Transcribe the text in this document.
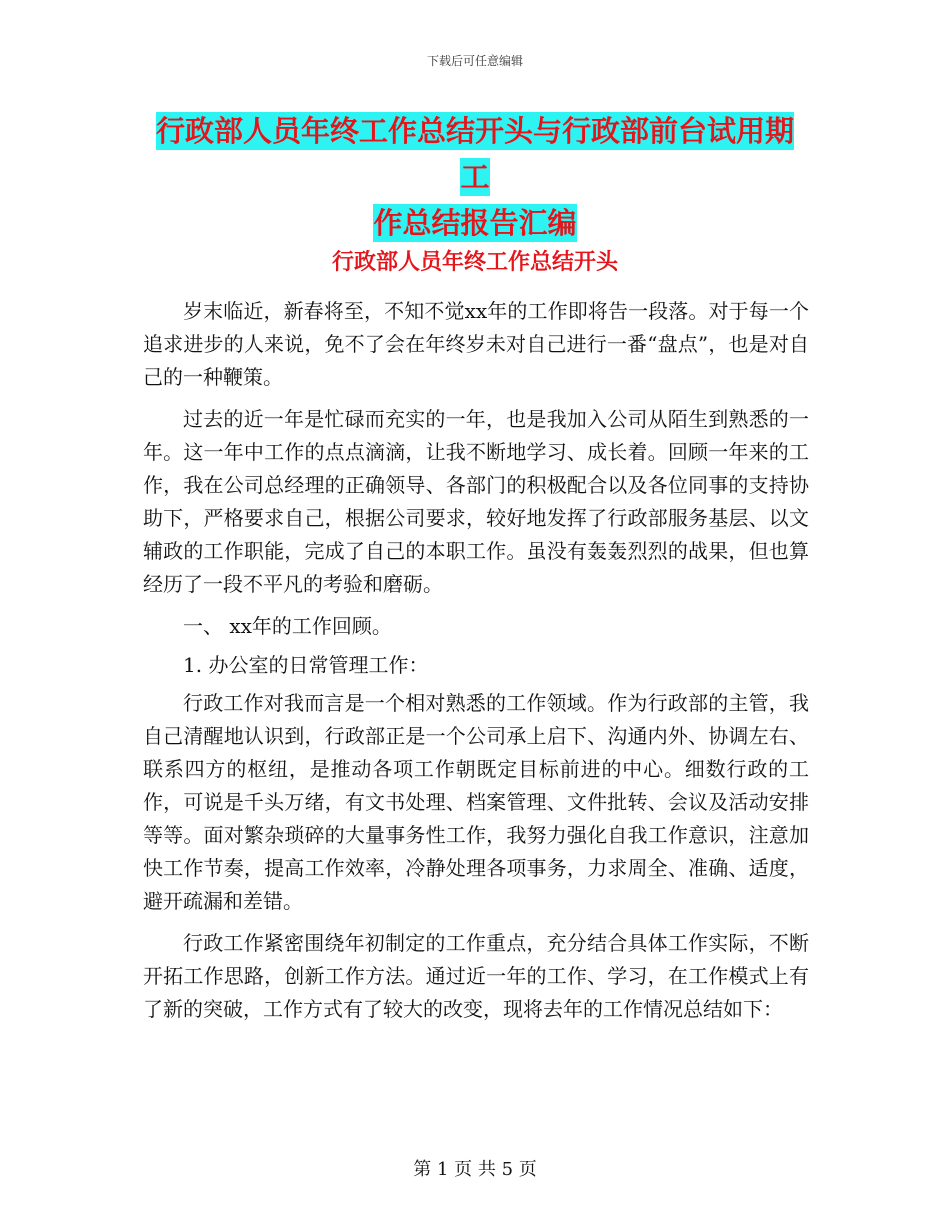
下载后可任意编辑
行政部人员年终工作总结开头与行政部前台试用期工
作总结报告汇编
行政部人员年终工作总结开头

岁末临近，新春将至，不知不觉xx年的工作即将告一段落。对于每一个追求进步的人来说，免不了会在年终岁未对自己进行一番“盘点”，也是对自己的一种鞭策。

过去的近一年是忙碌而充实的一年，也是我加入公司从陌生到熟悉的一年。这一年中工作的点点滴滴，让我不断地学习、成长着。回顾一年来的工作，我在公司总经理的正确领导、各部门的积极配合以及各位同事的支持协助下，严格要求自己，根据公司要求，较好地发挥了行政部服务基层、以文辅政的工作职能，完成了自己的本职工作。虽没有轰轰烈烈的战果，但也算经历了一段不平凡的考验和磨砺。

一、 xx年的工作回顾。

1. 办公室的日常管理工作：

行政工作对我而言是一个相对熟悉的工作领域。作为行政部的主管，我自己清醒地认识到，行政部正是一个公司承上启下、沟通内外、协调左右、联系四方的枢纽，是推动各项工作朝既定目标前进的中心。细数行政的工作，可说是千头万绪，有文书处理、档案管理、文件批转、会议及活动安排等等。面对繁杂琐碎的大量事务性工作，我努力强化自我工作意识，注意加快工作节奏，提高工作效率，冷静处理各项事务，力求周全、准确、适度，避开疏漏和差错。

行政工作紧密围绕年初制定的工作重点，充分结合具体工作实际，不断开拓工作思路，创新工作方法。通过近一年的工作、学习，在工作模式上有了新的突破，工作方式有了较大的改变，现将去年的工作情况总结如下：

第 1 页 共 5 页
